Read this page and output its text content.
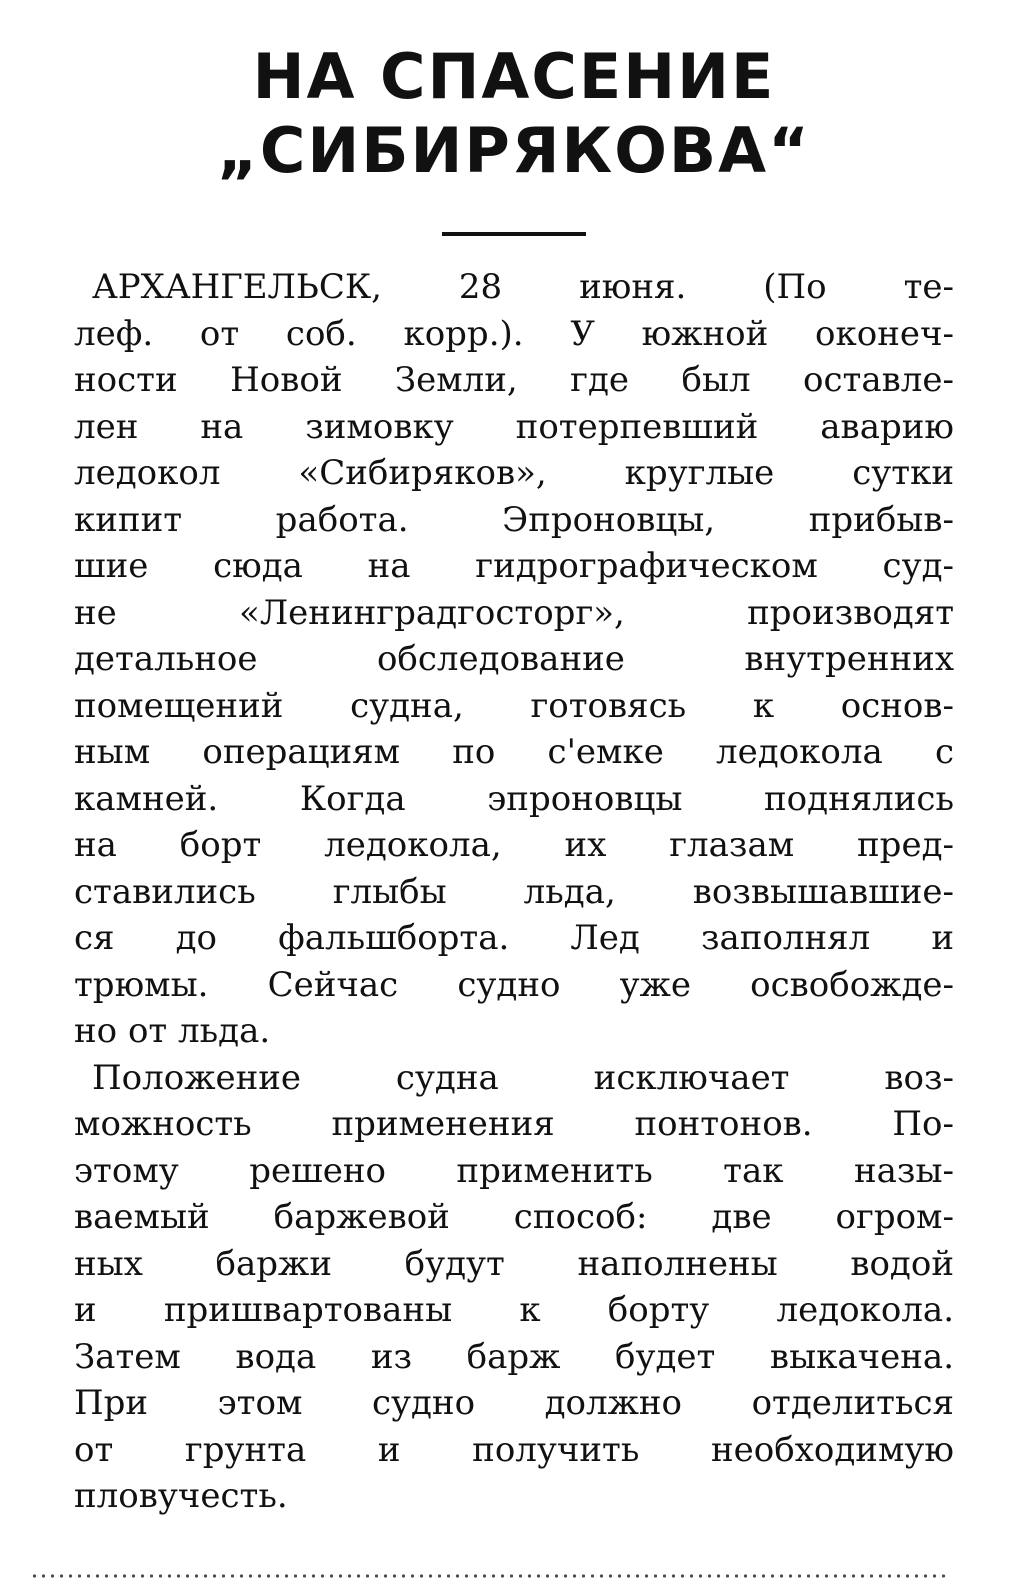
НА СПАСЕНИЕ
„СИБИРЯКОВА“
АРХАНГЕЛЬСК, 28 июня. (По те-
леф. от соб. корр.). У южной оконеч-
ности Новой Земли, где был оставле-
лен на зимовку потерпевший аварию
ледокол «Сибиряков», круглые сутки
кипит работа. Эпроновцы, прибыв-
шие сюда на гидрографическом суд-
не «Ленинградгосторг», производят
детальное обследование внутренних
помещений судна, готовясь к основ-
ным операциям по с'емке ледокола с
камней. Когда эпроновцы поднялись
на борт ледокола, их глазам пред-
ставились глыбы льда, возвышавшие-
ся до фальшборта. Лед заполнял и
трюмы. Сейчас судно уже освобожде-
но от льда.
Положение судна исключает воз-
можность применения понтонов. По-
этому решено применить так назы-
ваемый баржевой способ: две огром-
ных баржи будут наполнены водой
и пришвартованы к борту ледокола.
Затем вода из барж будет выкачена.
При этом судно должно отделиться
от грунта и получить необходимую
пловучесть.
